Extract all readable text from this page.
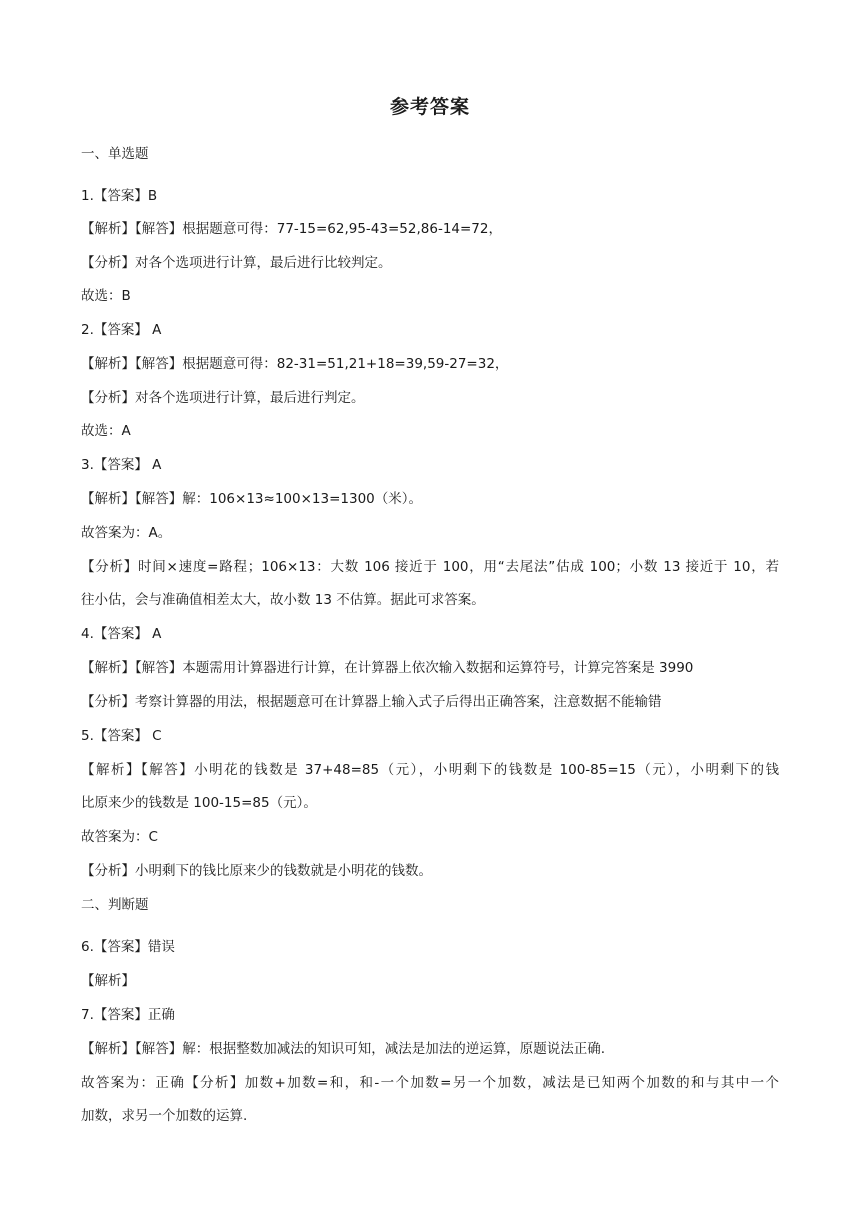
参考答案
一、单选题
1.【答案】B
【解析】【解答】根据题意可得：77-15=62,95-43=52,86-14=72，
【分析】对各个选项进行计算，最后进行比较判定。
故选：B
2.【答案】 A
【解析】【解答】根据题意可得：82-31=51,21+18=39,59-27=32，
【分析】对各个选项进行计算，最后进行判定。
故选：A
3.【答案】 A
【解析】【解答】解：106×13≈100×13=1300（米）。
故答案为：A。
【分析】时间×速度=路程；106×13：大数 106 接近于 100，用“去尾法”估成 100；小数 13 接近于 10，若
往小估，会与准确值相差太大，故小数 13 不估算。据此可求答案。
4.【答案】 A
【解析】【解答】本题需用计算器进行计算，在计算器上依次输入数据和运算符号，计算完答案是 3990
【分析】考察计算器的用法，根据题意可在计算器上输入式子后得出正确答案，注意数据不能输错
5.【答案】 C
【解析】【解答】小明花的钱数是 37+48=85（元），小明剩下的钱数是 100-85=15（元），小明剩下的钱
比原来少的钱数是 100-15=85（元）。
故答案为：C
【分析】小明剩下的钱比原来少的钱数就是小明花的钱数。
二、判断题
6.【答案】错误
【解析】
7.【答案】正确
【解析】【解答】解：根据整数加减法的知识可知，减法是加法的逆运算，原题说法正确.
故答案为：正确【分析】加数+加数=和，和-一个加数=另一个加数，减法是已知两个加数的和与其中一个
加数，求另一个加数的运算.
